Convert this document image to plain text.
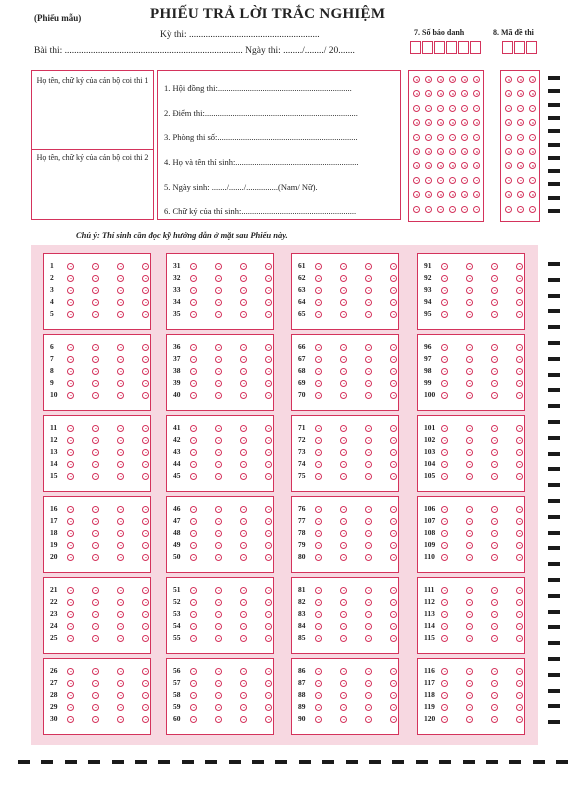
(Phiếu mẫu)	PHIẾU TRẢ LỜI TRẮC NGHIỆM
Kỳ thi: .......................................................
Bài thi: ........................................................................... Ngày thi: ......../......../ 20.......
7. Số báo danh	8. Mã đề thi
Họ tên, chữ ký của cán bộ coi thi 1
Họ tên, chữ ký của cán bộ coi thi 2
1. Hội đồng thi:...............................................................
2. Điểm thi:........................................................................
3. Phòng thi số:..................................................................
4. Họ và tên thí sinh:..........................................................
5. Ngày sinh: ......./......./...............(Nam/ Nữ).
6. Chữ ký của thí sinh:......................................................
Chú ý: Thí sinh cần đọc kỹ hướng dẫn ở mặt sau Phiếu này.
1
2
3
4
5
6
7
8
9
10
11
12
13
14
15
16
17
18
19
20
21
22
23
24
25
26
27
28
29
30
31
32
33
34
35
36
37
38
39
40
41
42
43
44
45
46
47
48
49
50
51
52
53
54
55
56
57
58
59
60
61
62
63
64
65
66
67
68
69
70
71
72
73
74
75
76
77
78
79
80
81
82
83
84
85
86
87
88
89
90
91
92
93
94
95
96
97
98
99
100
101
102
103
104
105
106
107
108
109
110
111
112
113
114
115
116
117
118
119
120
